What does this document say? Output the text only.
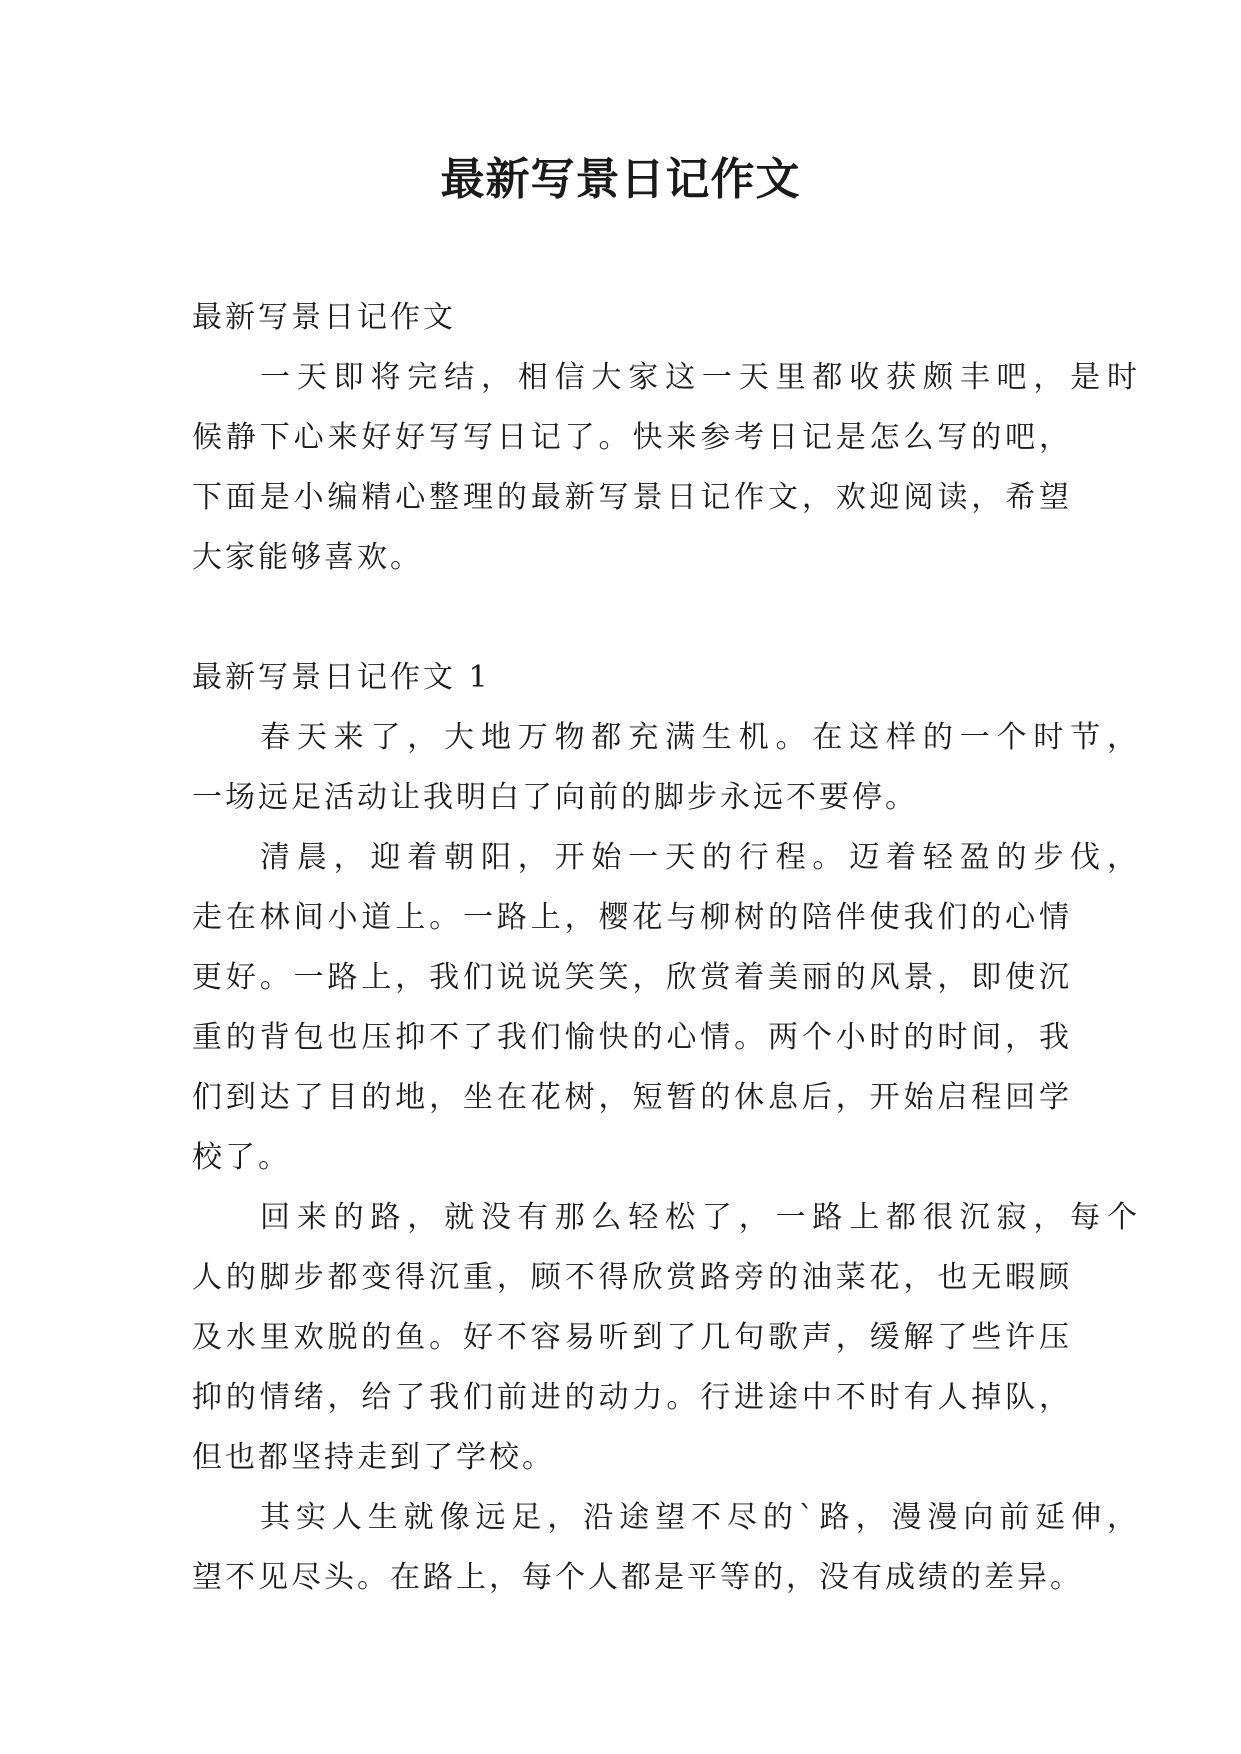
最新写景日记作文
最新写景日记作文
一天即将完结，相信大家这一天里都收获颇丰吧，是时
候静下心来好好写写日记了。快来参考日记是怎么写的吧，
下面是小编精心整理的最新写景日记作文，欢迎阅读，希望
大家能够喜欢。
最新写景日记作文 1
春天来了，大地万物都充满生机。在这样的一个时节，
一场远足活动让我明白了向前的脚步永远不要停。
清晨，迎着朝阳，开始一天的行程。迈着轻盈的步伐，
走在林间小道上。一路上，樱花与柳树的陪伴使我们的心情
更好。一路上，我们说说笑笑，欣赏着美丽的风景，即使沉
重的背包也压抑不了我们愉快的心情。两个小时的时间，我
们到达了目的地，坐在花树，短暂的休息后，开始启程回学
校了。
回来的路，就没有那么轻松了，一路上都很沉寂，每个
人的脚步都变得沉重，顾不得欣赏路旁的油菜花，也无暇顾
及水里欢脱的鱼。好不容易听到了几句歌声，缓解了些许压
抑的情绪，给了我们前进的动力。行进途中不时有人掉队，
但也都坚持走到了学校。
其实人生就像远足，沿途望不尽的`路，漫漫向前延伸，
望不见尽头。在路上，每个人都是平等的，没有成绩的差异。
